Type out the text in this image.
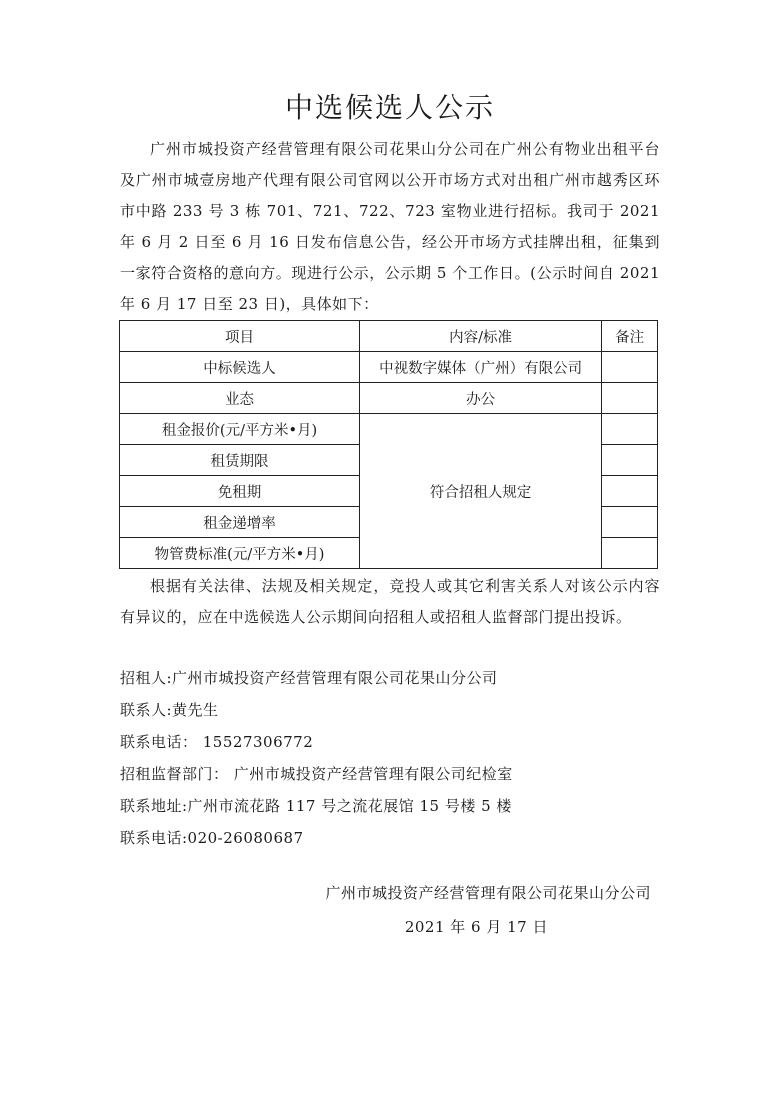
中选候选人公示
广州市城投资产经营管理有限公司花果山分公司在广州公有物业出租平台及广州市城壹房地产代理有限公司官网以公开市场方式对出租广州市越秀区环市中路 233 号 3 栋 701、721、722、723 室物业进行招标。我司于 2021 年 6 月 2 日至 6 月 16 日发布信息公告，经公开市场方式挂牌出租，征集到一家符合资格的意向方。现进行公示，公示期 5 个工作日。(公示时间自 2021 年 6 月 17 日至 23 日)，具体如下：
项目	内容/标准	备注
中标候选人	中视数字媒体（广州）有限公司	
业态	办公	
租金报价(元/平方米•月)	符合招租人规定	
租赁期限		
免租期		
租金递增率		
物管费标准(元/平方米•月)		
根据有关法律、法规及相关规定，竞投人或其它利害关系人对该公示内容有异议的，应在中选候选人公示期间向招租人或招租人监督部门提出投诉。
招租人:广州市城投资产经营管理有限公司花果山分公司
联系人:黄先生
联系电话： 15527306772
招租监督部门： 广州市城投资产经营管理有限公司纪检室
联系地址:广州市流花路 117 号之流花展馆 15 号楼 5 楼
联系电话:020-26080687
广州市城投资产经营管理有限公司花果山分公司
2021 年 6 月 17 日
